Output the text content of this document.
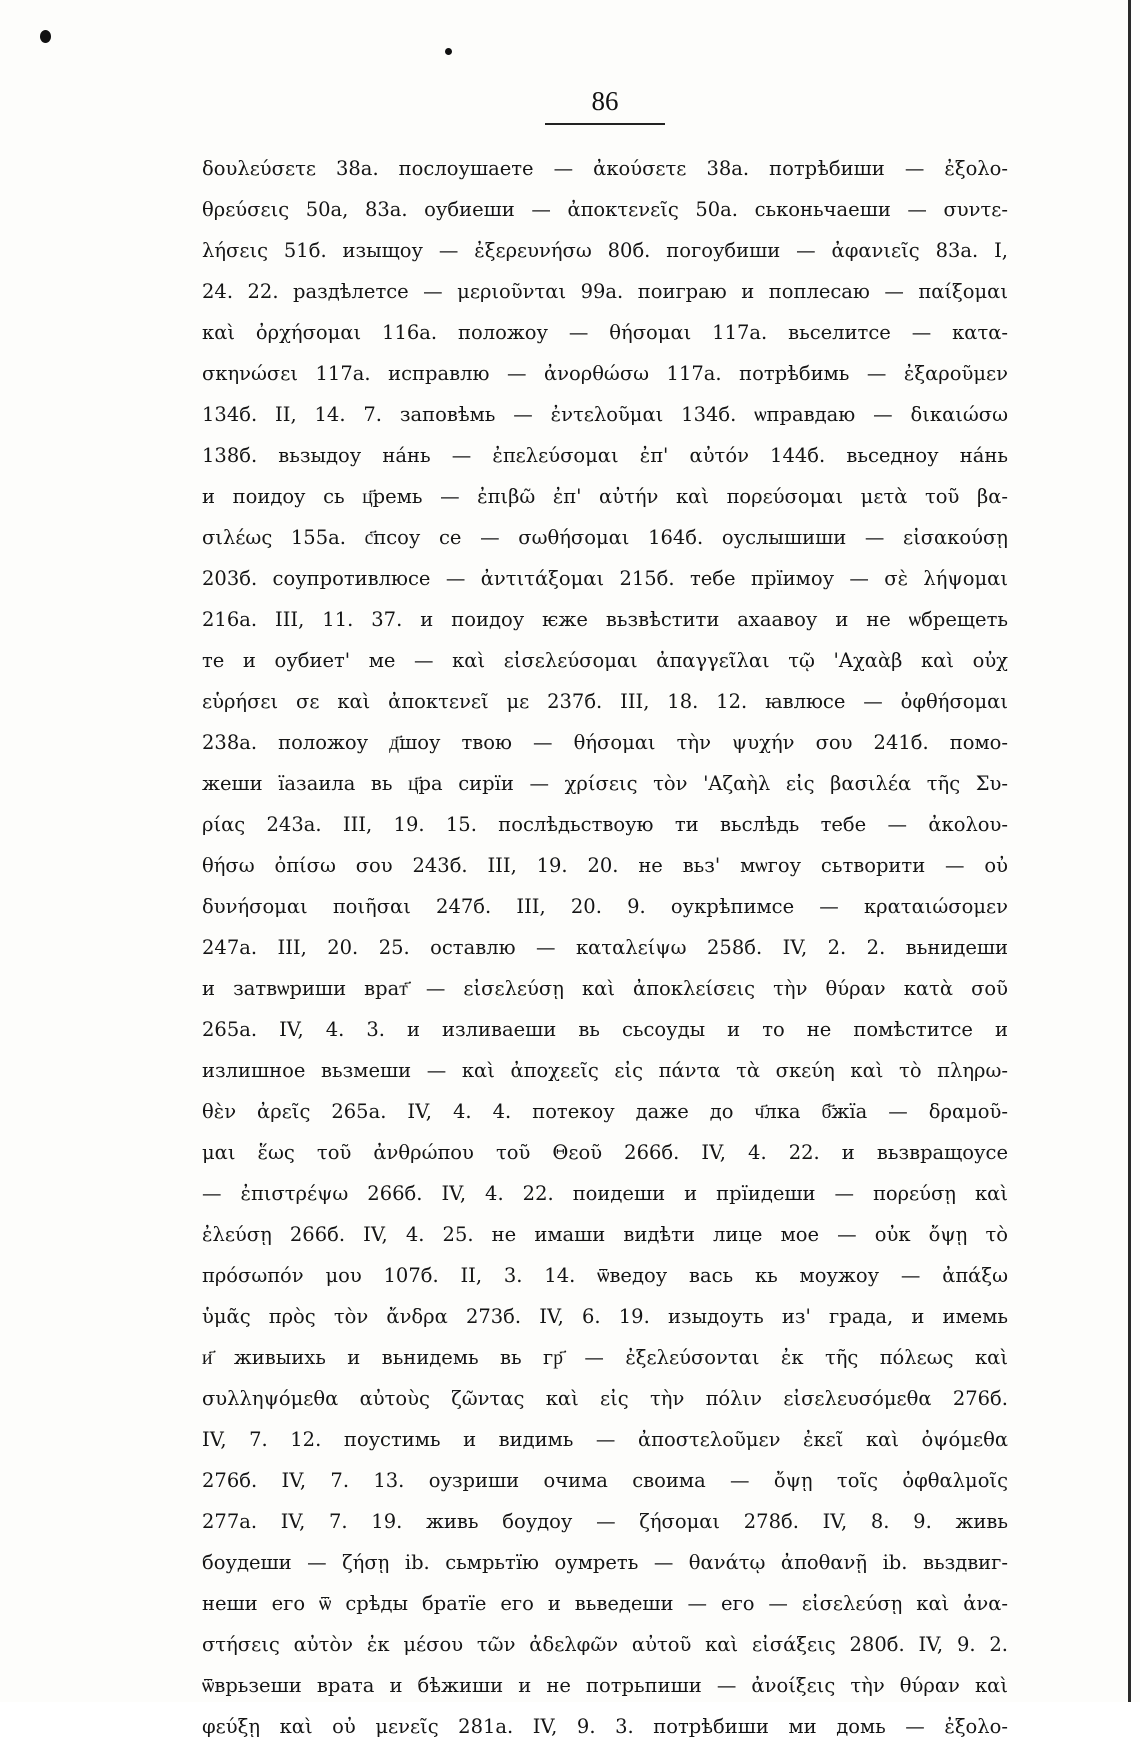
86
δουλεύσετε 38a. послоушаете — ἀκούσετε 38a. потрѣбиши — ἐξολο-
θρεύσεις 50a, 83a. оубиеши — ἀποκτενεῖς 50a. ськоньчаеши — συντε-
λήσεις 51б. изыщоу — ἐξερευνήσω 80б. погоубиши — ἀφανιεῖς 83a. I,
24. 22. раздѣлетсе — μεριοῦνται 99a. поиграю и поплесаю — παίξομαι
καὶ ὀρχήσομαι 116a. положоу — θήσομαι 117a. вьселитсе — κατα-
σκηνώσει 117a. исправлю — ἀνορθώσω 117a. потрѣбимь — ἐξαροῦμεν
134б. II, 14. 7. заповѣмь — ἐντελοῦμαι 134б. ѡправдаю — δικαιώσω
138б. вьзыдоу на́нь — ἐπελεύσομαι ἐπ' αὐτόν 144б. вьседноу на́нь
и поидоу сь ц҃ремь — ἐπιβῶ ἐπ' αὐτήν καὶ πορεύσομαι μετὰ τοῦ βα-
σιλέως 155a. с҃псоу се — σωθήσομαι 164б. оуслышиши — εἰσακούσῃ
203б. соупротивлюсе — ἀντιτάξομαι 215б. тебе прїимоу — σὲ λήψομαι
216a. III, 11. 37. и поидоу ѥже вьзвѣстити ахаавоу и не ѡбрещеть
те и оубиет' ме — καὶ εἰσελεύσομαι ἀπαγγεῖλαι τῷ 'Αχαὰβ καὶ οὐχ
εὑρήσει σε καὶ ἀποκτενεῖ με 237б. III, 18. 12. ꙗвлюсе — ὀφθήσομαι
238a. положоу д҃шоу твою — θήσομαι τὴν ψυχήν σου 241б. помо-
жеши їазаила вь ц҃ра сирїи — χρίσεις τὸν 'Αζαὴλ εἰς βασιλέα τῆς Συ-
ρίας 243a. III, 19. 15. послѣдьствоую ти вьслѣдь тебе — ἀκολου-
θήσω ὀπίσω σου 243б. III, 19. 20. не вьз' мѡгоу сьтворити — οὐ
δυνήσομαι ποιῆσαι 247б. III, 20. 9. оукрѣпимсе — κραταιώσομεν
247a. III, 20. 25. оставлю — καταλείψω 258б. IV, 2. 2. вьнидеши
и затвѡриши врат҃ — εἰσελεύσῃ καὶ ἀποκλείσεις τὴν θύραν κατὰ σοῦ
265a. IV, 4. 3. и изливаеши вь сьсоуды и то не помѣститсе и
излишное вьзмеши — καὶ ἀποχεεῖς εἰς πάντα τὰ σκεύη καὶ τὸ πληρω-
θὲν ἀρεῖς 265a. IV, 4. 4. потекоу даже до ч҃лка б҃жїа — δραμοῦ-
μαι ἕως τοῦ ἀνθρώπου τοῦ Θεοῦ 266б. IV, 4. 22. и вьзвращоусе
— ἐπιστρέψω 266б. IV, 4. 22. поидеши и прїидеши — πορεύσῃ καὶ
ἐλεύσῃ 266б. IV, 4. 25. не имаши видѣти лице мое — οὐκ ὄψῃ τὸ
πρόσωπόν μου 107б. II, 3. 14. ѿведоу вась кь моужоу — ἀπάξω
ὑμᾶς πρὸς τὸν ἄνδρα 273б. IV, 6. 19. изыдоуть из' града, и имемь
и҃ живыихь и вьнидемь вь гр҃ — ἐξελεύσονται ἐκ τῆς πόλεως καὶ
συλληψόμεθα αὐτοὺς ζῶντας καὶ εἰς τὴν πόλιν εἰσελευσόμεθα 276б.
IV, 7. 12. поустимь и видимь — ἀποστελοῦμεν ἐκεῖ καὶ ὀψόμεθα
276б. IV, 7. 13. оузриши очима своима — ὄψῃ τοῖς ὀφθαλμοῖς
277a. IV, 7. 19. живь боудоу — ζήσομαι 278б. IV, 8. 9. живь
боудеши — ζήσῃ ib. сьмрьтїю оумреть — θανάτῳ ἀποθανῇ ib. вьздвиг-
неши его ѿ срѣды братїе его и вьведеши — его — εἰσελεύσῃ καὶ ἀνα-
στήσεις αὐτὸν ἐκ μέσου τῶν ἀδελφῶν αὐτοῦ καὶ εἰσάξεις 280б. IV, 9. 2.
ѿврьзеши врата и бѣжиши и не потрьпиши — ἀνοίξεις τὴν θύραν καὶ
φεύξῃ καὶ οὐ μενεῖς 281a. IV, 9. 3. потрѣбиши ми домь — ἐξολο-
